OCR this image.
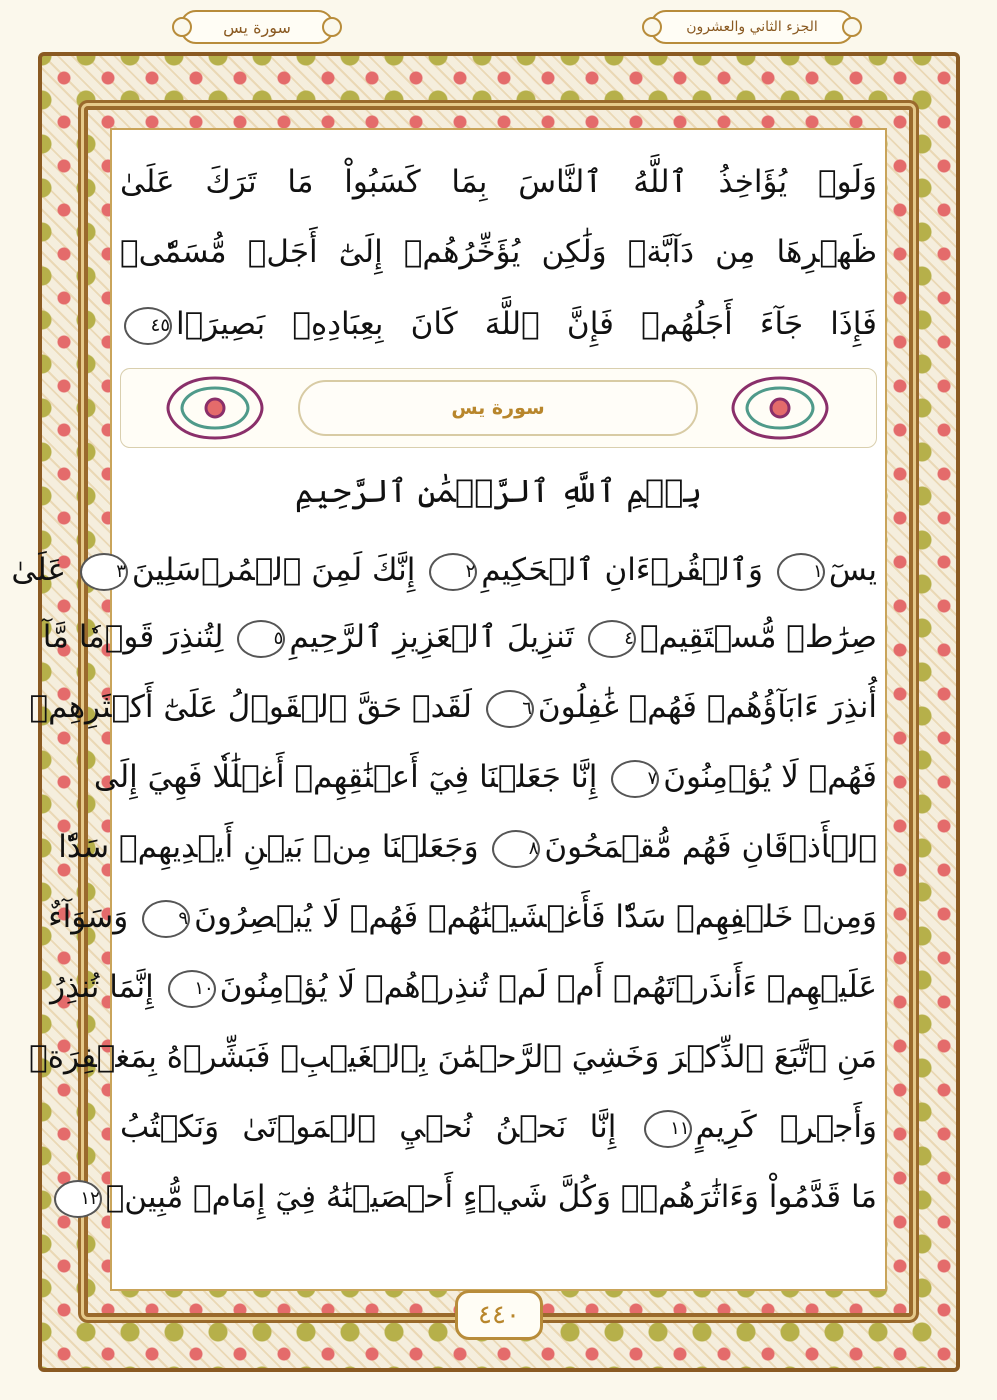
سورة يس	الجزء الثاني والعشرون
وَلَوۡ يُؤَاخِذُ ٱللَّهُ ٱلنَّاسَ بِمَا كَسَبُواْ مَا تَرَكَ عَلَىٰ
ظَهۡرِهَا مِن دَآبَّةٖ وَلَٰكِن يُؤَخِّرُهُمۡ إِلَىٰٓ أَجَلٖ مُّسَمّٗىۖ
فَإِذَا جَآءَ أَجَلُهُمۡ فَإِنَّ ٱللَّهَ كَانَ بِعِبَادِهِۦ بَصِيرَۢا٤٥
سورة يس
بِسۡمِ ٱللَّهِ ٱلرَّحۡمَٰنِ ٱلرَّحِيمِ
يسٓ١ وَٱلۡقُرۡءَانِ ٱلۡحَكِيمِ٢ إِنَّكَ لَمِنَ ٱلۡمُرۡسَلِينَ٣ عَلَىٰ
صِرَٰطٖ مُّسۡتَقِيمٖ٤ تَنزِيلَ ٱلۡعَزِيزِ ٱلرَّحِيمِ٥ لِتُنذِرَ قَوۡمٗا مَّآ
أُنذِرَ ءَابَآؤُهُمۡ فَهُمۡ غَٰفِلُونَ٦ لَقَدۡ حَقَّ ٱلۡقَوۡلُ عَلَىٰٓ أَكۡثَرِهِمۡ
فَهُمۡ لَا يُؤۡمِنُونَ٧ إِنَّا جَعَلۡنَا فِيٓ أَعۡنَٰقِهِمۡ أَغۡلَٰلٗا فَهِيَ إِلَى
ٱلۡأَذۡقَانِ فَهُم مُّقۡمَحُونَ٨ وَجَعَلۡنَا مِنۢ بَيۡنِ أَيۡدِيهِمۡ سَدّٗا
وَمِنۡ خَلۡفِهِمۡ سَدّٗا فَأَغۡشَيۡنَٰهُمۡ فَهُمۡ لَا يُبۡصِرُونَ٩ وَسَوَآءٌ
عَلَيۡهِمۡ ءَأَنذَرۡتَهُمۡ أَمۡ لَمۡ تُنذِرۡهُمۡ لَا يُؤۡمِنُونَ١٠ إِنَّمَا تُنذِرُ
مَنِ ٱتَّبَعَ ٱلذِّكۡرَ وَخَشِيَ ٱلرَّحۡمَٰنَ بِٱلۡغَيۡبِۖ فَبَشِّرۡهُ بِمَغۡفِرَةٖ
وَأَجۡرٖ كَرِيمٍ١١ إِنَّا نَحۡنُ نُحۡيِ ٱلۡمَوۡتَىٰ وَنَكۡتُبُ
مَا قَدَّمُواْ وَءَاثَٰرَهُمۡۚ وَكُلَّ شَيۡءٍ أَحۡصَيۡنَٰهُ فِيٓ إِمَامٖ مُّبِينٖ١٢
٤٤٠
